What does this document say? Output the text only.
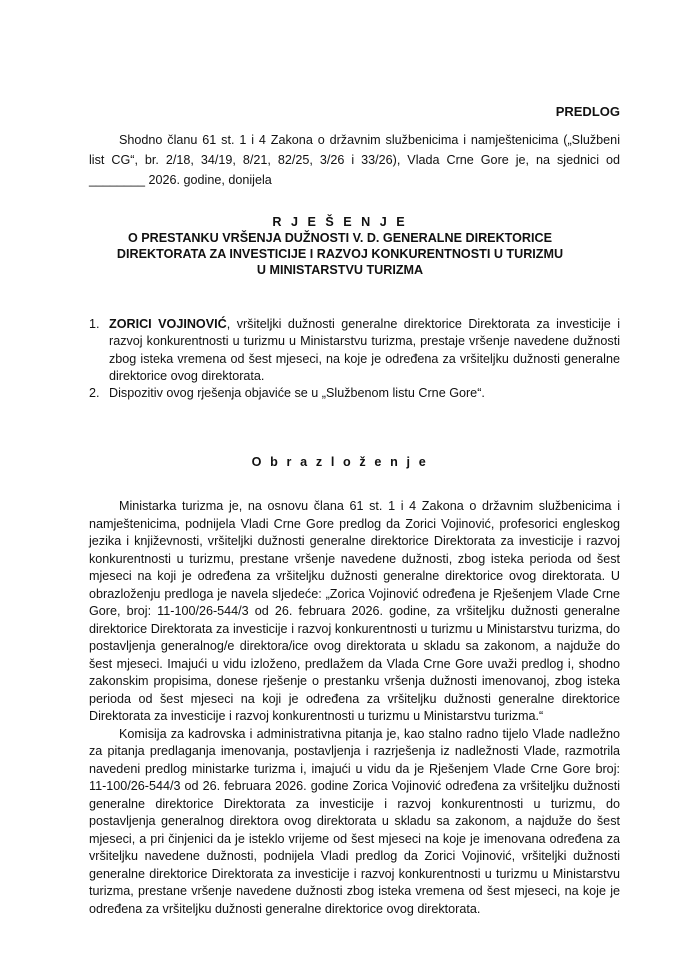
PREDLOG

Shodno članu 61 st. 1 i 4 Zakona o državnim službenicima i namještenicima („Službeni list CG“, br. 2/18, 34/19, 8/21, 82/25, 3/26 i 33/26), Vlada Crne Gore je, na sjednici od ________ 2026. godine, donijela

R J E Š E N J E
O PRESTANKU VRŠENJA DUŽNOSTI V. D. GENERALNE DIREKTORICE
DIREKTORATA ZA INVESTICIJE I RAZVOJ KONKURENTNOSTI U TURIZMU
U MINISTARSTVU TURIZMA
1. ZORICI VOJINOVIĆ, vršiteljki dužnosti generalne direktorice Direktorata za investicije i razvoj konkurentnosti u turizmu u Ministarstvu turizma, prestaje vršenje navedene dužnosti zbog isteka vremena od šest mjeseci, na koje je određena za vršiteljku dužnosti generalne direktorice ovog direktorata.
2. Dispozitiv ovog rješenja objaviće se u „Službenom listu Crne Gore“.
O b r a z l o ž e n j e

Ministarka turizma je, na osnovu člana 61 st. 1 i 4 Zakona o državnim službenicima i namještenicima, podnijela Vladi Crne Gore predlog da Zorici Vojinović, profesorici engleskog jezika i književnosti, vršiteljki dužnosti generalne direktorice Direktorata za investicije i razvoj konkurentnosti u turizmu, prestane vršenje navedene dužnosti, zbog isteka perioda od šest mjeseci na koji je određena za vršiteljku dužnosti generalne direktorice ovog direktorata. U obrazloženju predloga je navela sljedeće: „Zorica Vojinović određena je Rješenjem Vlade Crne Gore, broj: 11-100/26-544/3 od 26. februara 2026. godine, za vršiteljku dužnosti generalne direktorice Direktorata za investicije i razvoj konkurentnosti u turizmu u Ministarstvu turizma, do postavljenja generalnog/e direktora/ice ovog direktorata u skladu sa zakonom, a najduže do šest mjeseci. Imajući u vidu izloženo, predlažem da Vlada Crne Gore uvaži predlog i, shodno zakonskim propisima, donese rješenje o prestanku vršenja dužnosti imenovanoj, zbog isteka perioda od šest mjeseci na koji je određena za vršiteljku dužnosti generalne direktorice Direktorata za investicije i razvoj konkurentnosti u turizmu u Ministarstvu turizma.“

Komisija za kadrovska i administrativna pitanja je, kao stalno radno tijelo Vlade nadležno za pitanja predlaganja imenovanja, postavljenja i razrješenja iz nadležnosti Vlade, razmotrila navedeni predlog ministarke turizma i, imajući u vidu da je Rješenjem Vlade Crne Gore broj: 11-100/26-544/3 od 26. februara 2026. godine Zorica Vojinović određena za vršiteljku dužnosti generalne direktorice Direktorata za investicije i razvoj konkurentnosti u turizmu, do postavljenja generalnog direktora ovog direktorata u skladu sa zakonom, a najduže do šest mjeseci, a pri činjenici da je isteklo vrijeme od šest mjeseci na koje je imenovana određena za vršiteljku navedene dužnosti, podnijela Vladi predlog da Zorici Vojinović, vršiteljki dužnosti generalne direktorice Direktorata za investicije i razvoj konkurentnosti u turizmu u Ministarstvu turizma, prestane vršenje navedene dužnosti zbog isteka vremena od šest mjeseci, na koje je određena za vršiteljku dužnosti generalne direktorice ovog direktorata.
